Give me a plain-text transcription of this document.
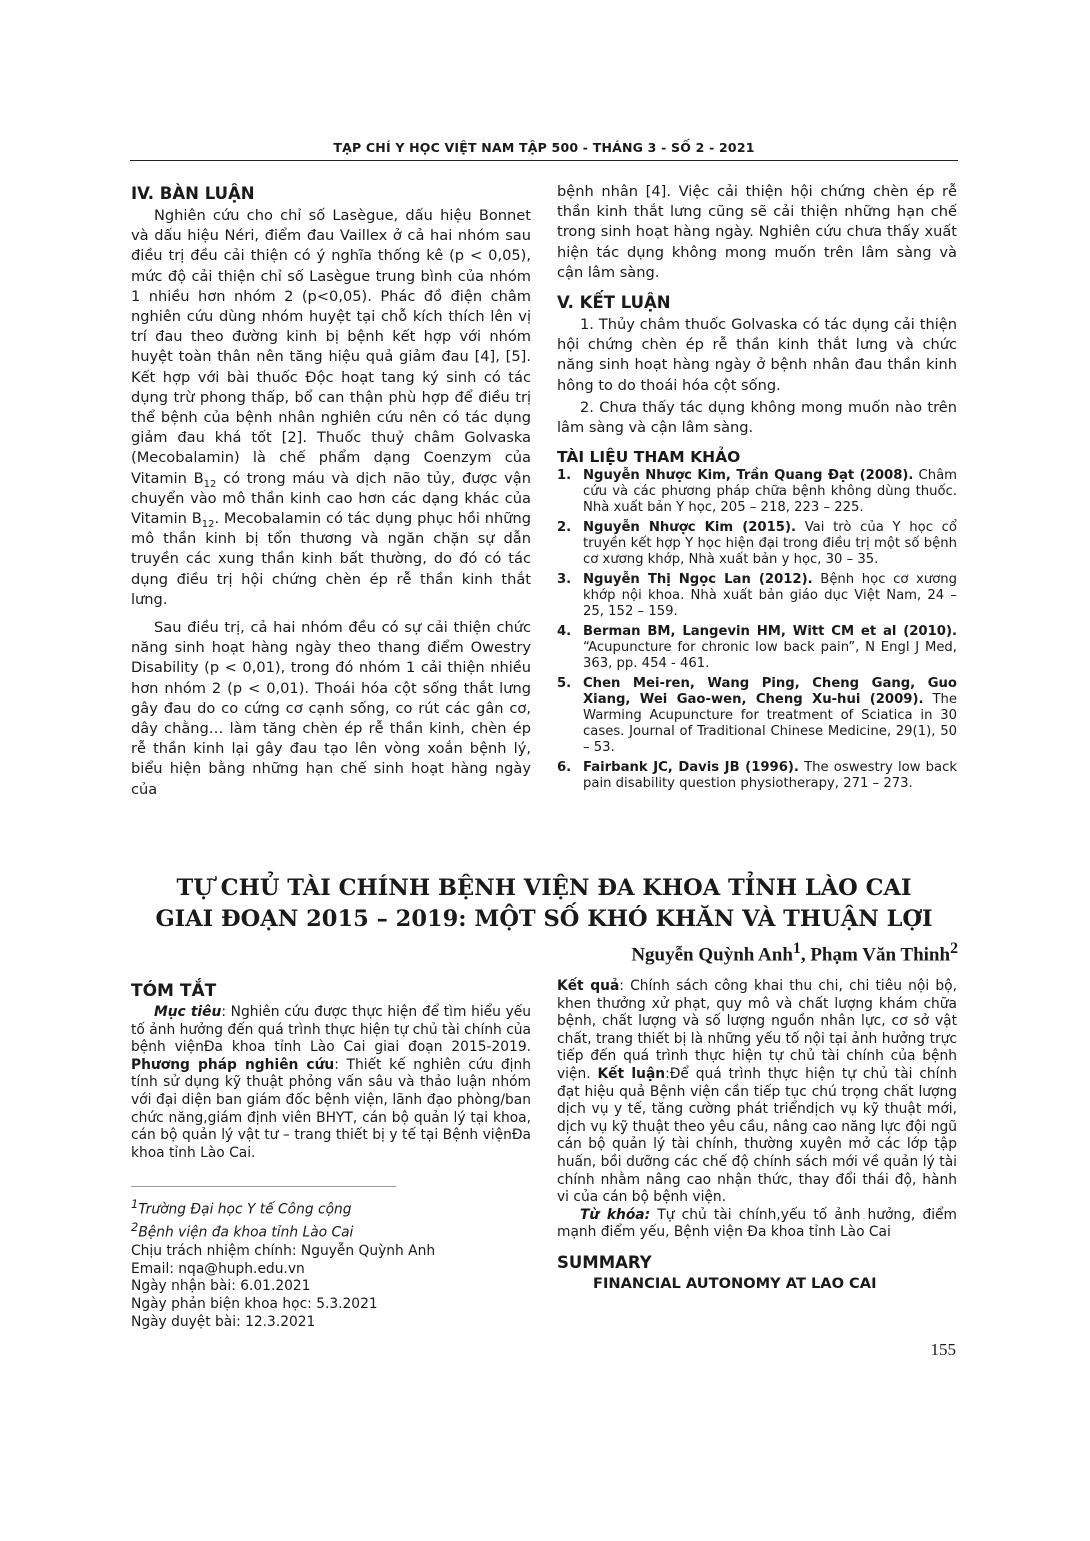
TẠP CHÍ Y HỌC VIỆT NAM TẬP 500 - THÁNG 3 - SỐ 2 - 2021
IV. BÀN LUẬN

Nghiên cứu cho chỉ số Lasègue, dấu hiệu Bonnet và dấu hiệu Néri, điểm đau Vaillex ở cả hai nhóm sau điều trị đều cải thiện có ý nghĩa thống kê (p < 0,05), mức độ cải thiện chỉ số Lasègue trung bình của nhóm 1 nhiều hơn nhóm 2 (p<0,05). Phác đồ điện châm nghiên cứu dùng nhóm huyệt tại chỗ kích thích lên vị trí đau theo đường kinh bị bệnh kết hợp với nhóm huyệt toàn thân nên tăng hiệu quả giảm đau [4], [5]. Kết hợp với bài thuốc Độc hoạt tang ký sinh có tác dụng trừ phong thấp, bổ can thận phù hợp để điều trị thể bệnh của bệnh nhân nghiên cứu nên có tác dụng giảm đau khá tốt [2]. Thuốc thuỷ châm Golvaska (Mecobalamin) là chế phẩm dạng Coenzym của Vitamin $B_{12}$ có trong máu và dịch não tủy, được vận chuyển vào mô thần kinh cao hơn các dạng khác của Vitamin $B_{12}$. Mecobalamin có tác dụng phục hồi những mô thần kinh bị tổn thương và ngăn chặn sự dẫn truyền các xung thần kinh bất thường, do đó có tác dụng điều trị hội chứng chèn ép rễ thần kinh thắt lưng.

Sau điều trị, cả hai nhóm đều có sự cải thiện chức năng sinh hoạt hàng ngày theo thang điểm Owestry Disability (p < 0,01), trong đó nhóm 1 cải thiện nhiều hơn nhóm 2 (p < 0,01). Thoái hóa cột sống thắt lưng gây đau do co cứng cơ cạnh sống, co rút các gân cơ, dây chằng… làm tăng chèn ép rễ thần kinh, chèn ép rễ thần kinh lại gây đau tạo lên vòng xoắn bệnh lý, biểu hiện bằng những hạn chế sinh hoạt hàng ngày của

bệnh nhân [4]. Việc cải thiện hội chứng chèn ép rễ thần kinh thắt lưng cũng sẽ cải thiện những hạn chế trong sinh hoạt hàng ngày. Nghiên cứu chưa thấy xuất hiện tác dụng không mong muốn trên lâm sàng và cận lâm sàng.

V. KẾT LUẬN

1. Thủy châm thuốc Golvaska có tác dụng cải thiện hội chứng chèn ép rễ thần kinh thắt lưng và chức năng sinh hoạt hàng ngày ở bệnh nhân đau thần kinh hông to do thoái hóa cột sống.

2. Chưa thấy tác dụng không mong muốn nào trên lâm sàng và cận lâm sàng.

TÀI LIỆU THAM KHẢO
1. Nguyễn Nhược Kim, Trần Quang Đạt (2008). Châm cứu và các phương pháp chữa bệnh không dùng thuốc. Nhà xuất bản Y học, 205 – 218, 223 – 225.
2. Nguyễn Nhược Kim (2015). Vai trò của Y học cổ truyền kết hợp Y học hiện đại trong điều trị một số bệnh cơ xương khớp, Nhà xuất bản y học, 30 – 35.
3. Nguyễn Thị Ngọc Lan (2012). Bệnh học cơ xương khớp nội khoa. Nhà xuất bản giáo dục Việt Nam, 24 – 25, 152 – 159.
4. Berman BM, Langevin HM, Witt CM et al (2010). “Acupuncture for chronic low back pain”, N Engl J Med, 363, pp. 454 - 461.
5. Chen Mei-ren, Wang Ping, Cheng Gang, Guo Xiang, Wei Gao-wen, Cheng Xu-hui (2009). The Warming Acupuncture for treatment of Sciatica in 30 cases. Journal of Traditional Chinese Medicine, 29(1), 50 – 53.
6. Fairbank JC, Davis JB (1996). The oswestry low back pain disability question physiotherapy, 271 – 273.
TỰ CHỦ TÀI CHÍNH BỆNH VIỆN ĐA KHOA TỈNH LÀO CAI
GIAI ĐOẠN 2015 – 2019: MỘT SỐ KHÓ KHĂN VÀ THUẬN LỢI
Nguyễn Quỳnh Anh$^1$, Phạm Văn Thinh$^2$
TÓM TẮT

Mục tiêu: Nghiên cứu được thực hiện để tìm hiểu yếu tố ảnh hưởng đến quá trình thực hiện tự chủ tài chính của bệnh việnĐa khoa tỉnh Lào Cai giai đoạn 2015-2019. Phương pháp nghiên cứu: Thiết kế nghiên cứu định tính sử dụng kỹ thuật phỏng vấn sâu và thảo luận nhóm với đại diện ban giám đốc bệnh viện, lãnh đạo phòng/ban chức năng,giám định viên BHYT, cán bộ quản lý tại khoa, cán bộ quản lý vật tư – trang thiết bị y tế tại Bệnh việnĐa khoa tỉnh Lào Cai.

$^1$Trường Đại học Y tế Công cộng
$^2$Bệnh viện đa khoa tỉnh Lào Cai
Chịu trách nhiệm chính: Nguyễn Quỳnh Anh
Email: nqa@huph.edu.vn
Ngày nhận bài: 6.01.2021
Ngày phản biện khoa học: 5.3.2021
Ngày duyệt bài: 12.3.2021

Kết quả: Chính sách công khai thu chi, chi tiêu nội bộ, khen thưởng xử phạt, quy mô và chất lượng khám chữa bệnh, chất lượng và số lượng nguồn nhân lực, cơ sở vật chất, trang thiết bị là những yếu tố nội tại ảnh hưởng trực tiếp đến quá trình thực hiện tự chủ tài chính của bệnh viện. Kết luận:Để quá trình thực hiện tự chủ tài chính đạt hiệu quả Bệnh viện cần tiếp tục chú trọng chất lượng dịch vụ y tế, tăng cường phát triểndịch vụ kỹ thuật mới, dịch vụ kỹ thuật theo yêu cầu, nâng cao năng lực đội ngũ cán bộ quản lý tài chính, thường xuyên mở các lớp tập huấn, bồi dưỡng các chế độ chính sách mới về quản lý tài chính nhằm nâng cao nhận thức, thay đổi thái độ, hành vi của cán bộ bệnh viện.

Từ khóa: Tự chủ tài chính,yếu tố ảnh hưởng, điểm mạnh điểm yếu, Bệnh viện Đa khoa tỉnh Lào Cai

SUMMARY
FINANCIAL AUTONOMY AT LAO CAI
155
